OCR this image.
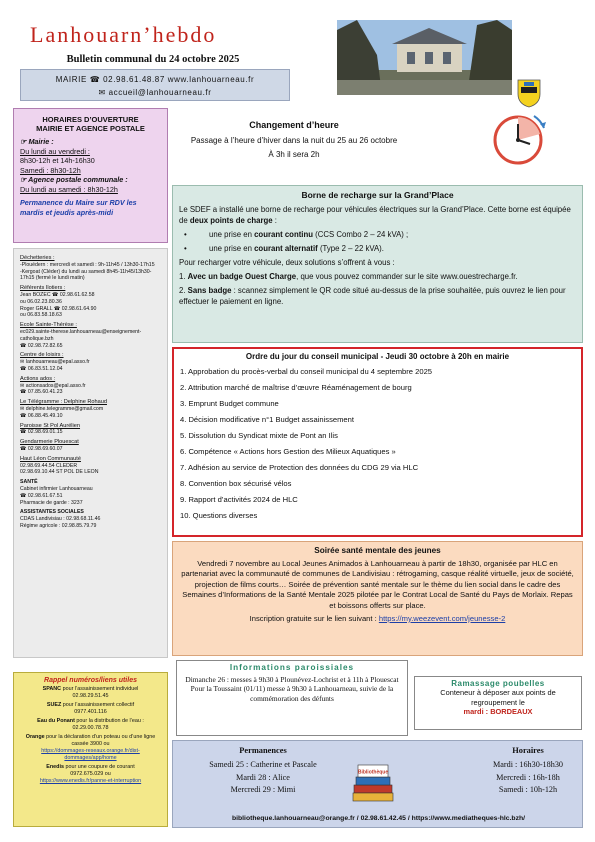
Lanhouarn’hebdo
Bulletin communal du 24 octobre 2025
MAIRIE ☎ 02.98.61.48.87 www.lanhouarneau.fr
✉ accueil@lanhouarneau.fr
HORAIRES D’OUVERTURE
MAIRIE ET AGENCE POSTALE
☞ Mairie :
Du lundi au vendredi :
8h30-12h et 14h-16h30
Samedi : 8h30-12h
☞ Agence postale communale :
Du lundi au samedi : 8h30-12h
Permanence du Maire sur RDV les mardis et jeudis après-midi
Déchetteries :
-Plouédern : mercredi et samedi : 9h-11h45 / 13h30-17h15
-Kergoat (Cléder) du lundi au samedi 8h45-11h45/13h30-17h15 (fermé le lundi matin)
Référents Ilotiers :
Jean BOZEC ☎ 02.98.61.62.58
ou 06.02.23.80.36
Roger GRALL ☎ 02.98.61.64.90
ou 06.83.58.18.63
Ecole Sainte-Thérèse :
ec029.sainte-therese.lanhouarneau@enseignement-catholique.bzh
☎ 02.98.72.82.65
Centre de loisirs :
✉ lanhouarneau@epal.asso.fr
☎ 06.83.51.12.04
Actions ados :
✉ actionsados@epal.asso.fr
☎ 07.85.60.41.23
Le Télégramme : Delphine Rohaud
✉ delphine.telegramme@gmail.com
☎ 06.88.45.49.10
Paroisse St Pol Aurélien
☎ 02.98.69.01.15
Gendarmerie Plouescat
☎ 02.98.69.60.07
Haut Léon Communauté
02.98.69.44.54 CLEDER
02.98.69.10.44 ST POL DE LEON
SANTÉ
Cabinet infirmier Lanhouarneau
☎ 02.98.61.67.51
Pharmacie de garde : 3237
ASSISTANTES SOCIALES
CDAS Landivisiau : 02.98.68.11.46
Régime agricole : 02.98.85.79.79
Rappel numéros/liens utiles
SPANC pour l’assainissement individuel
02.98.29.51.45
SUEZ pour l’assainissement collectif
0977.401.116
Eau du Ponant pour la distribution de l’eau : 02.29.00.78.78
Orange pour la déclaration d’un poteau ou d’une ligne cassée 3900 ou
https://dommages-reseaux.orange.fr/dist-dommages/app/home
Enedis pour une coupure de courant
0972.675.029 ou
https://www.enedis.fr/panne-et-interruption
Changement d’heure
Passage à l’heure d’hiver dans la nuit du 25 au 26 octobre
À 3h il sera 2h
Borne de recharge sur la Grand’Place

Le SDEF a installé une borne de recharge pour véhicules électriques sur la Grand’Place. Cette borne est équipée de deux points de charge :

• une prise en courant continu (CCS Combo 2 – 24 kVA) ;
• une prise en courant alternatif (Type 2 – 22 kVA).

Pour recharger votre véhicule, deux solutions s’offrent à vous :

1. Avec un badge Ouest Charge, que vous pouvez commander sur le site www.ouestrecharge.fr.

2. Sans badge : scannez simplement le QR code situé au-dessus de la prise souhaitée, puis ouvrez le lien pour effectuer le paiement en ligne.

Ordre du jour du conseil municipal - Jeudi 30 octobre à 20h en mairie
1. Approbation du procès-verbal du conseil municipal du 4 septembre 2025
2. Attribution marché de maîtrise d’œuvre Réaménagement de bourg
3. Emprunt Budget commune
4. Décision modificative n°1 Budget assainissement
5. Dissolution du Syndicat mixte de Pont an Ilis
6. Compétence « Actions hors Gestion des Milieux Aquatiques »
7. Adhésion au service de Protection des données du CDG 29 via HLC
8. Convention box sécurisé vélos
9. Rapport d’activités 2024 de HLC
10. Questions diverses
Soirée santé mentale des jeunes
Vendredi 7 novembre au Local Jeunes Animados à Lanhouarneau à partir de 18h30, organisée par HLC en partenariat avec la communauté de communes de Landivisiau : rétrogaming, casque réalité virtuelle, jeux de société, projection de films courts… Soirée de prévention santé mentale sur le thème du lien social dans le cadre des Semaines d’Informations de la Santé Mentale 2025 pilotée par le Contrat Local de Santé du Pays de Morlaix. Repas et boissons offerts sur place.
Inscription gratuite sur le lien suivant : https://my.weezevent.com/jeunesse-2
Informations paroissiales
Dimanche 26 : messes à 9h30 à Plounévez-Lochrist et à 11h à Plouescat
Pour la Toussaint (01/11) messe à 9h30 à Lanhouarneau, suivie de la commémoration des défunts
Ramassage poubelles
Conteneur à déposer aux points de regroupement le
mardi : BORDEAUX
Permanences
Samedi 25 : Catherine et Pascale
Mardi 28 : Alice
Mercredi 29 : Mimi
Bibliothèque
Horaires
Mardi : 16h30-18h30
Mercredi : 16h-18h
Samedi : 10h-12h
bibliotheque.lanhouarneau@orange.fr / 02.98.61.42.45 / https://www.mediatheques-hlc.bzh/
